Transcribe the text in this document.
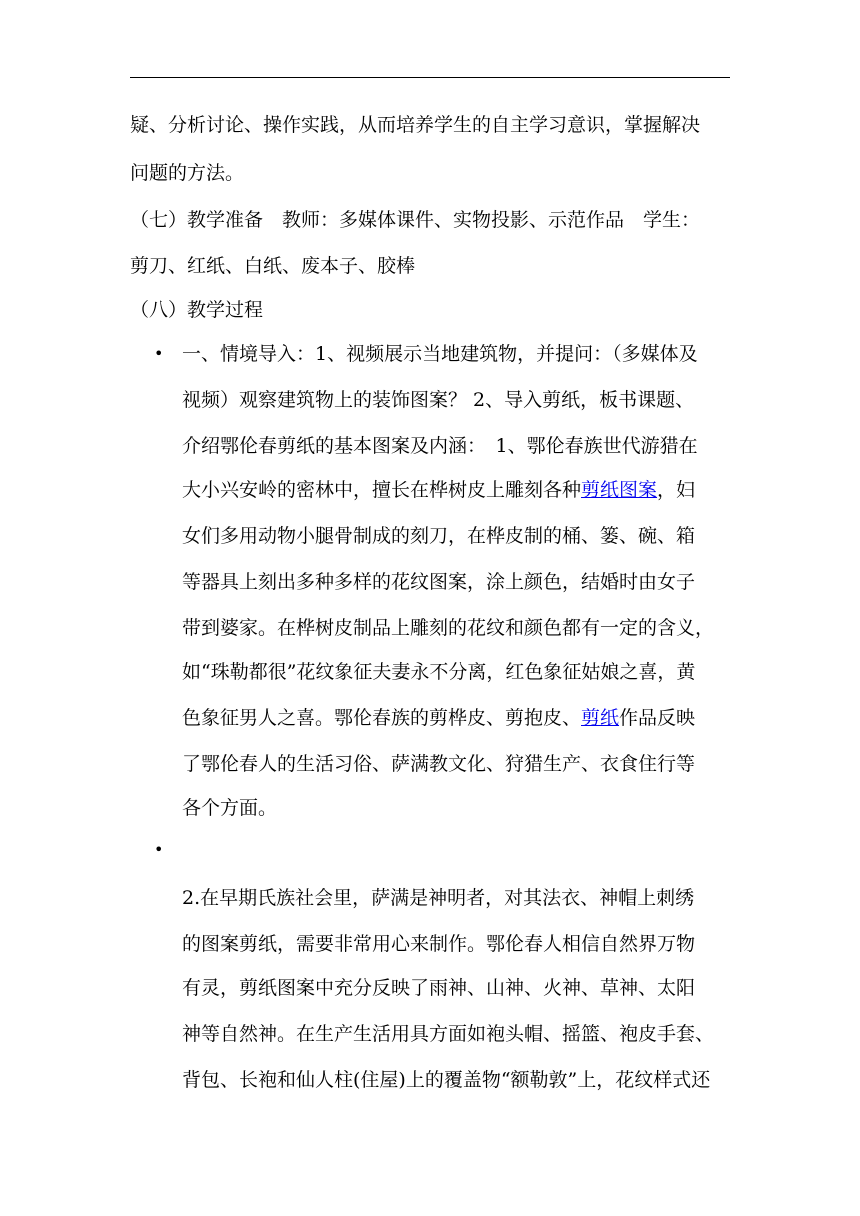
疑、分析讨论、操作实践，从而培养学生的自主学习意识，掌握解决
问题的方法。
（七）教学准备　教师：多媒体课件、实物投影、示范作品　学生：
剪刀、红纸、白纸、废本子、胶棒
（八）教学过程
• 一、情境导入：1、视频展示当地建筑物，并提问：（多媒体及
视频）观察建筑物上的装饰图案？ 2、导入剪纸，板书课题、
介绍鄂伦春剪纸的基本图案及内涵：　1、鄂伦春族世代游猎在
大小兴安岭的密林中，擅长在桦树皮上雕刻各种剪纸图案，妇
女们多用动物小腿骨制成的刻刀，在桦皮制的桶、篓、碗、箱
等器具上刻出多种多样的花纹图案，涂上颜色，结婚时由女子
带到婆家。在桦树皮制品上雕刻的花纹和颜色都有一定的含义，
如“珠勒都很”花纹象征夫妻永不分离，红色象征姑娘之喜，黄
色象征男人之喜。鄂伦春族的剪桦皮、剪抱皮、剪纸作品反映
了鄂伦春人的生活习俗、萨满教文化、狩猎生产、衣食住行等
各个方面。
•
2.在早期氏族社会里，萨满是神明者，对其法衣、神帽上刺绣
的图案剪纸，需要非常用心来制作。鄂伦春人相信自然界万物
有灵，剪纸图案中充分反映了雨神、山神、火神、草神、太阳
神等自然神。在生产生活用具方面如袍头帽、摇篮、袍皮手套、
背包、长袍和仙人柱(住屋)上的覆盖物“额勒敦”上，花纹样式还
